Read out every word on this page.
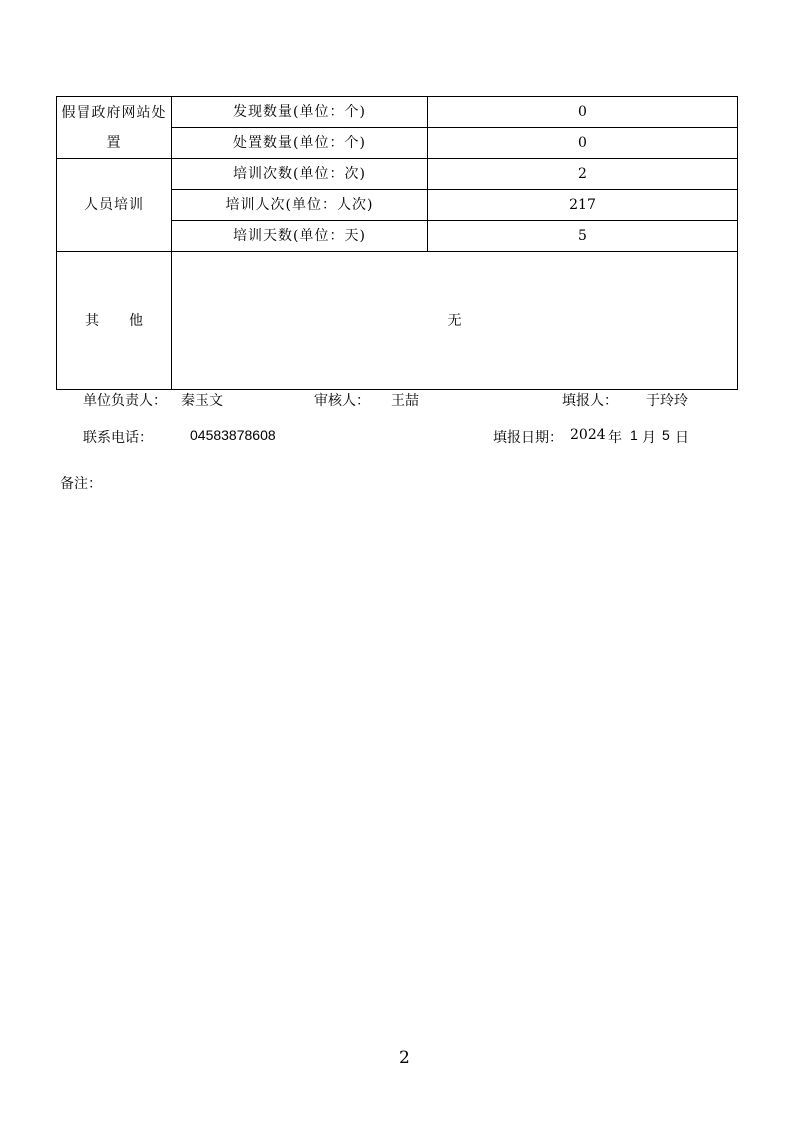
假冒政府网站处置	发现数量(单位：个)	0
	处置数量(单位：个)	0
人员培训	培训次数(单位：次)	2
	培训人次(单位：人次)	217
	培训天数(单位：天)	5
其 他	无	
单位负责人： 秦玉文	审核人： 王喆	填报人： 于玲玲
联系电话：	04583878608	填报日期： 2024 年 1 月 5 日
备注：
2
